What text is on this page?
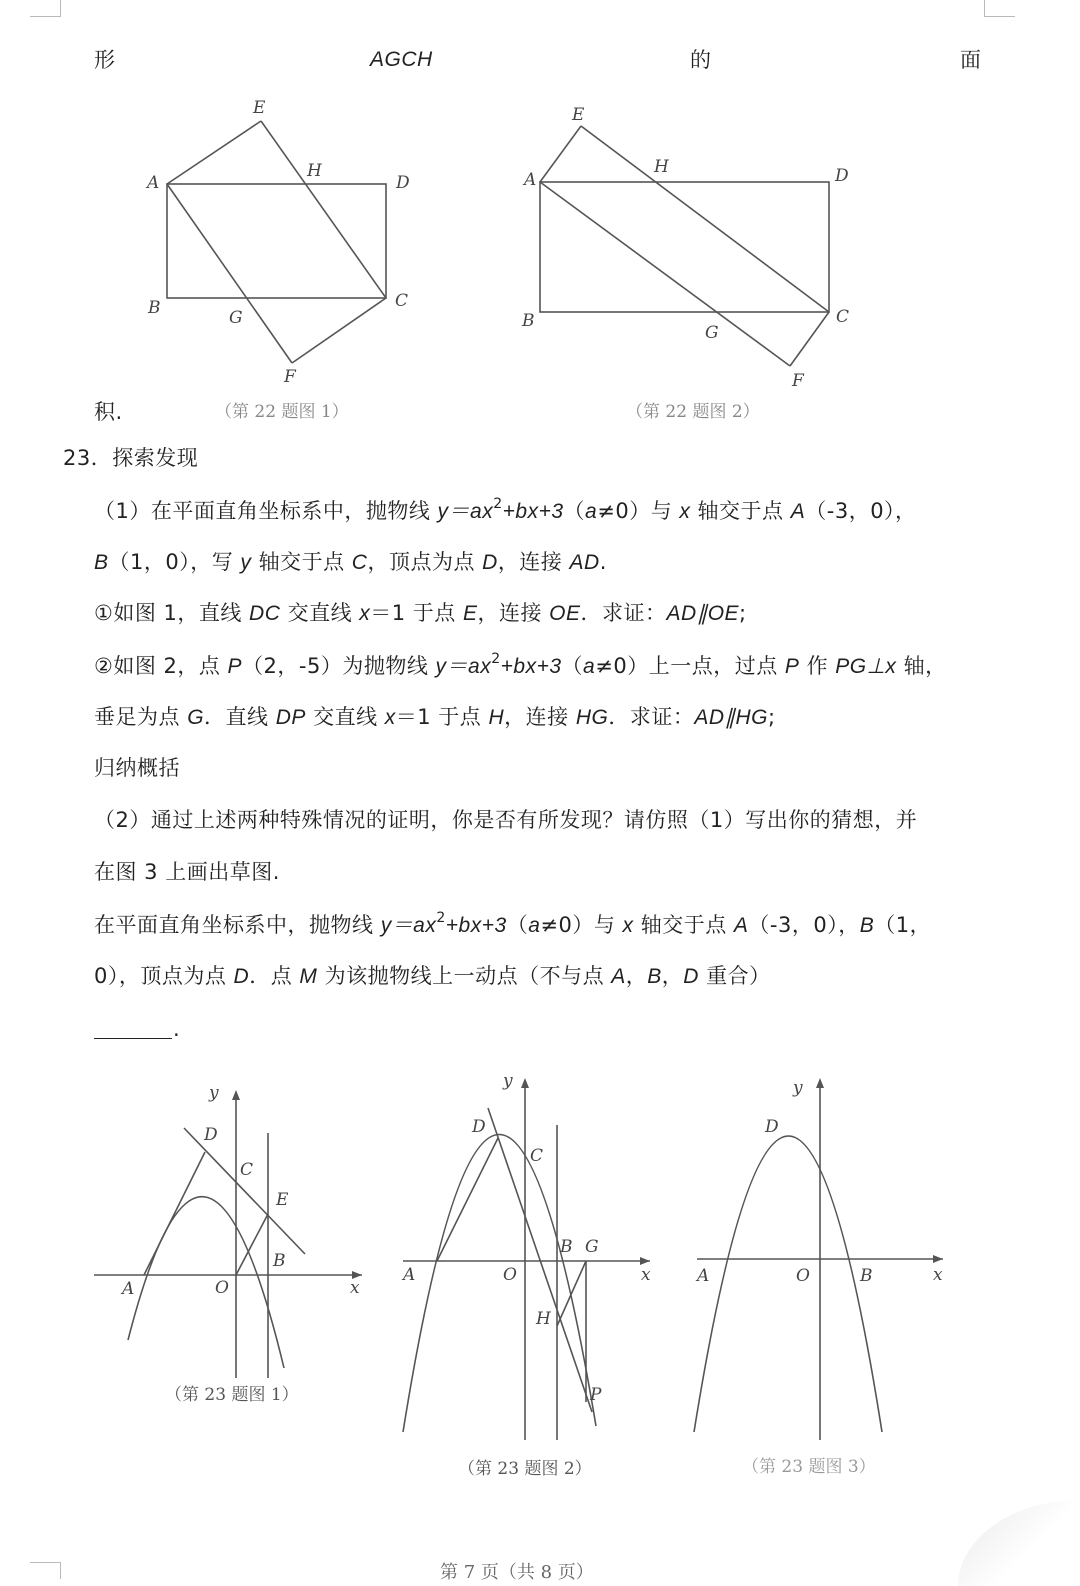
形	AGCH	的	面
E
H
A	D
B	G
C
F
E
H
A	D
B
G
C
F
积.	（第 22 题图 1）	（第 22 题图 2）
23．探索发现
（1）在平面直角坐标系中，抛物线 $y=ax^2+bx+3(a\ne 0)$与 x 轴交于点 A（-3，0），
B（1，0），写 y 轴交于点 C，顶点为点 D，连接 AD.
①如图 1，直线 DC 交直线 x＝1 于点 E，连接 OE．求证：AD∥OE;
②如图 2，点 P（2，-5）为抛物线 $y=ax^2+bx+3(a\ne 0)$上一点，过点 P 作 PG⊥x 轴，
垂足为点 G．直线 DP 交直线 x＝1 于点 H，连接 HG．求证：AD∥HG;
归纳概括
（2）通过上述两种特殊情况的证明，你是否有所发现？请仿照（1）写出你的猜想，并
在图 3 上画出草图.
在平面直角坐标系中，抛物线 $y=ax^2+bx+3(a\ne 0)$与 x 轴交于点 A（-3，0），B（1，
0），顶点为点 D．点 M 为该抛物线上一动点（不与点 A，B，D 重合）
.
y
D
C
E
B
A	O	x
（第 23 题图 1）
y
D
C
B G
A	O	x
H
P
（第 23 题图 2）
y
D
A	O	B	x
（第 23 题图 3）
第 7 页（共 8 页）
